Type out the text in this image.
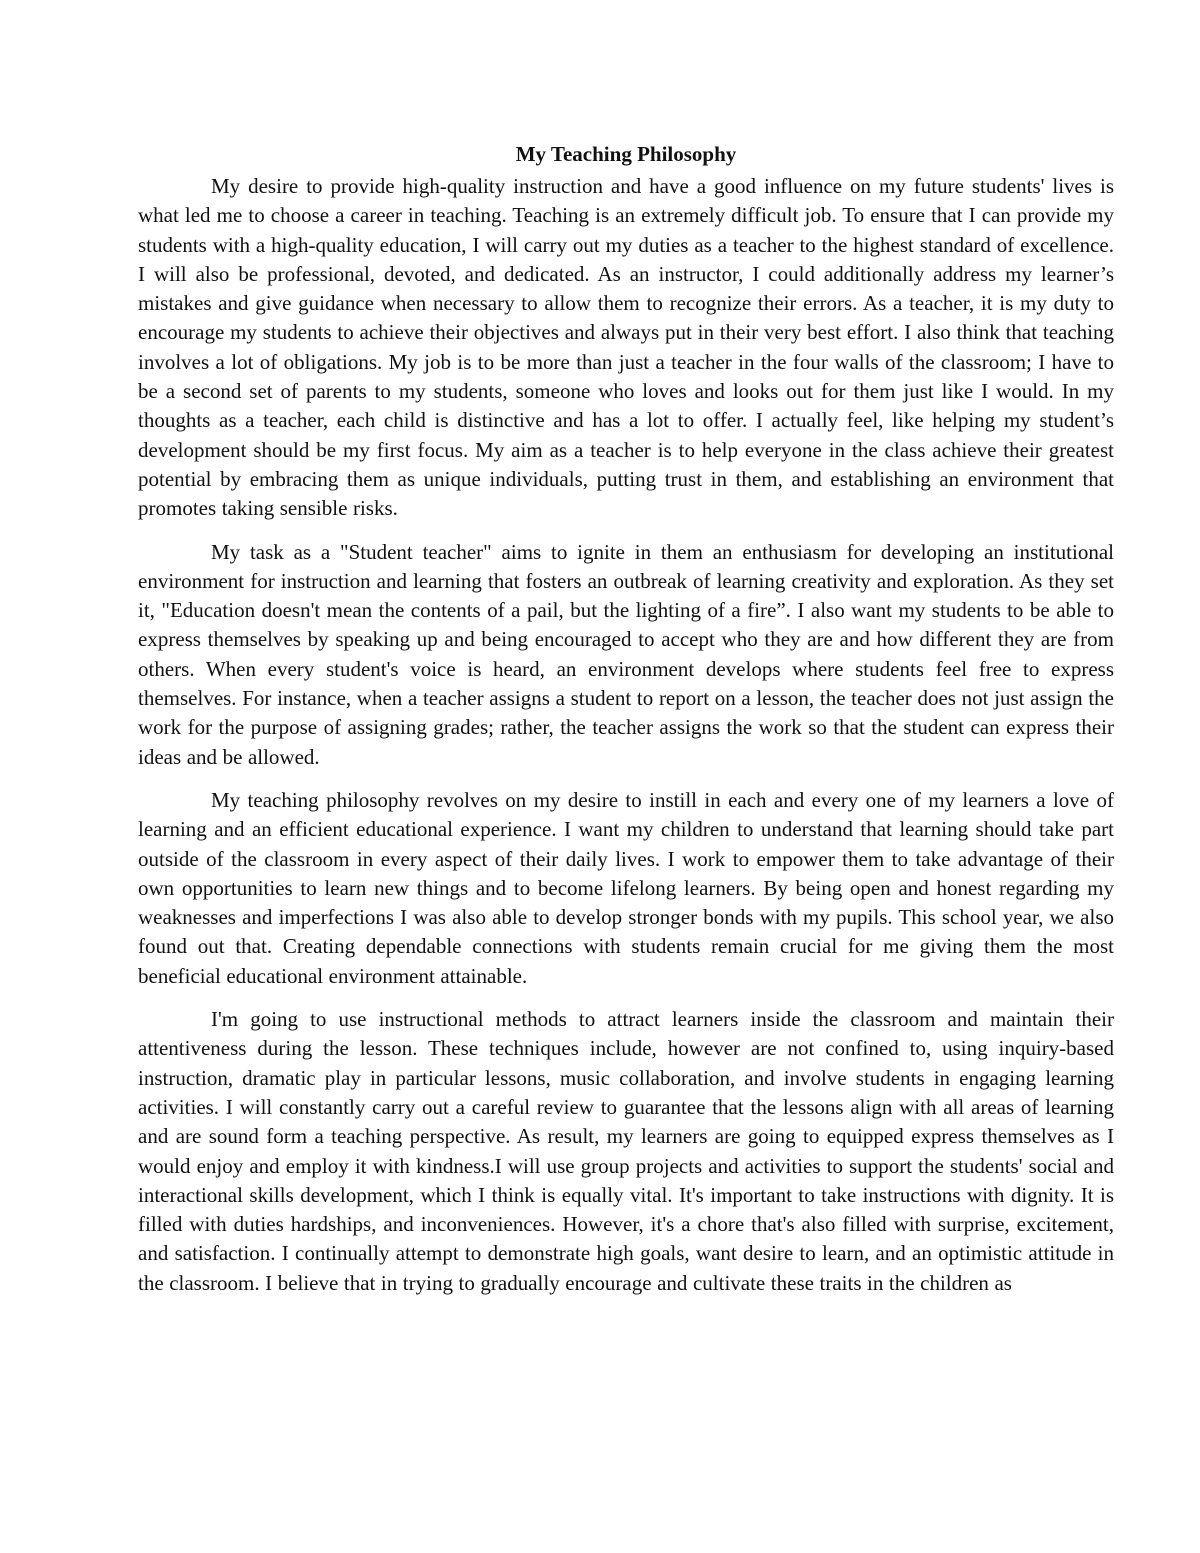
My Teaching Philosophy

My desire to provide high-quality instruction and have a good influence on my future students' lives is what led me to choose a career in teaching. Teaching is an extremely difficult job. To ensure that I can provide my students with a high-quality education, I will carry out my duties as a teacher to the highest standard of excellence. I will also be professional, devoted, and dedicated. As an instructor, I could additionally address my learner’s mistakes and give guidance when necessary to allow them to recognize their errors. As a teacher, it is my duty to encourage my students to achieve their objectives and always put in their very best effort. I also think that teaching involves a lot of obligations. My job is to be more than just a teacher in the four walls of the classroom; I have to be a second set of parents to my students, someone who loves and looks out for them just like I would. In my thoughts as a teacher, each child is distinctive and has a lot to offer. I actually feel, like helping my student’s development should be my first focus. My aim as a teacher is to help everyone in the class achieve their greatest potential by embracing them as unique individuals, putting trust in them, and establishing an environment that promotes taking sensible risks.

My task as a "Student teacher" aims to ignite in them an enthusiasm for developing an institutional environment for instruction and learning that fosters an outbreak of learning creativity and exploration. As they set it, "Education doesn't mean the contents of a pail, but the lighting of a fire”. I also want my students to be able to express themselves by speaking up and being encouraged to accept who they are and how different they are from others. When every student's voice is heard, an environment develops where students feel free to express themselves. For instance, when a teacher assigns a student to report on a lesson, the teacher does not just assign the work for the purpose of assigning grades; rather, the teacher assigns the work so that the student can express their ideas and be allowed.

My teaching philosophy revolves on my desire to instill in each and every one of my learners a love of learning and an efficient educational experience. I want my children to understand that learning should take part outside of the classroom in every aspect of their daily lives. I work to empower them to take advantage of their own opportunities to learn new things and to become lifelong learners. By being open and honest regarding my weaknesses and imperfections I was also able to develop stronger bonds with my pupils. This school year, we also found out that. Creating dependable connections with students remain crucial for me giving them the most beneficial educational environment attainable.

I'm going to use instructional methods to attract learners inside the classroom and maintain their attentiveness during the lesson. These techniques include, however are not confined to, using inquiry-based instruction, dramatic play in particular lessons, music collaboration, and involve students in engaging learning activities. I will constantly carry out a careful review to guarantee that the lessons align with all areas of learning and are sound form a teaching perspective. As result, my learners are going to equipped express themselves as I would enjoy and employ it with kindness.I will use group projects and activities to support the students' social and interactional skills development, which I think is equally vital. It's important to take instructions with dignity. It is filled with duties hardships, and inconveniences. However, it's a chore that's also filled with surprise, excitement, and satisfaction. I continually attempt to demonstrate high goals, want desire to learn, and an optimistic attitude in the classroom. I believe that in trying to gradually encourage and cultivate these traits in the children as
